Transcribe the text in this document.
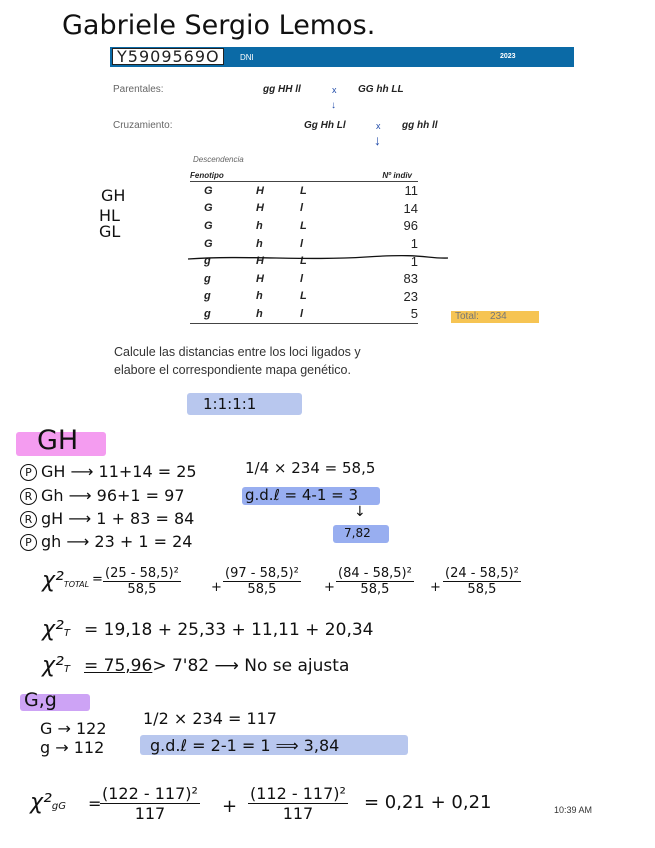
Gabriele Sergio Lemos.
Y5909569O	DNI	2023
Parentales:	gg HH ll	x GG hh LL
↓
Cruzamiento:	Gg Hh Ll	x
↓
gg hh ll
Descendencia
Fenotipo			Nº indiv
G	H	L	11
G	H	l	14
G	h	L	96
G	h	l	1
g	H	L	1
g	H	l	83
g	h	L	23
g	h	l	5	Total: 234
GH
HL
GL
Calcule las distancias entre los loci ligados y
elabore el correspondiente mapa genético.
1:1:1:1
GH
P GH ⟶ 11+14 = 25
R Gh ⟶ 96+1 = 97
R gH ⟶ 1 + 83 = 84
P gh ⟶ 23 + 1 = 24
1/4 × 234 = 58,5
g.d.ℓ = 4-1 = 3
↓
7,82
χ²TOTAL = $\frac{\text{(25 - 58,5)²}}{58,5} + \frac{\text{(97 - 58,5)²}}{58,5} + \frac{\text{(84 - 58,5)²}}{58,5} + \frac{\text{(24 - 58,5)²}}{58,5}$
χ²T = 19,18 + 25,33 + 11,11 + 20,34
χ²T = 75,96> 7'82 ⟶ No se ajusta
G,g
G → 122
g → 112
1/2 × 234 = 117
g.d.ℓ = 2-1 = 1 ⟹ 3,84
χ²gG =
$\frac{\text{(122 - 117)²}}{117} + \frac{\text{(112 - 117)²}}{117} = 0,21 + 0,21$	10:39 AM
